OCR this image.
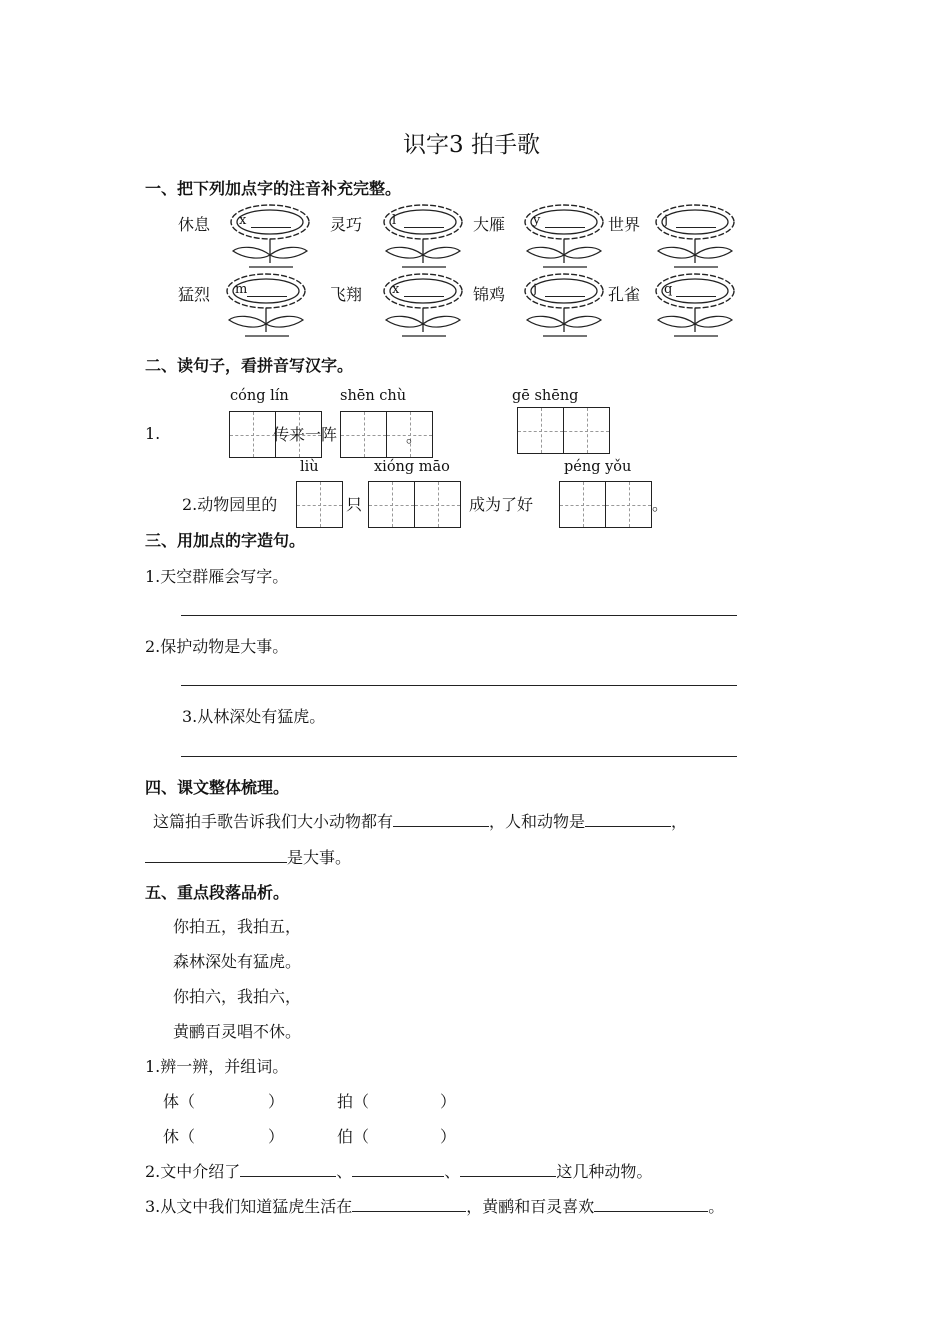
识字3 拍手歌
一、把下列加点字的注音补充完整。
休息 x	灵巧 l	大雁 y	世界 j
猛烈 m	飞翔 x	锦鸡 j	孔雀 q
二、读句子，看拼音写汉字。
cóng lín	shēn chù	gē shēng
1.	传来一阵	。
liù	xióng māo	péng yǒu
2.动物园里的	只	成为了好	。
三、用加点的字造句。
1.天空群雁会写字。
2.保护动物是大事。
3.从林深处有猛虎。
四、课文整体梳理。
这篇拍手歌告诉我们大小动物都有	，人和动物是	，
是大事。
五、重点段落品析。
你拍五，我拍五，
森林深处有猛虎。
你拍六，我拍六，
黄鹂百灵唱不休。
1.辨一辨，并组词。
体（	）	拍（	）
休（	）	伯（	）
2.文中介绍了	、	、	这几种动物。
3.从文中我们知道猛虎生活在	，黄鹂和百灵喜欢	。
